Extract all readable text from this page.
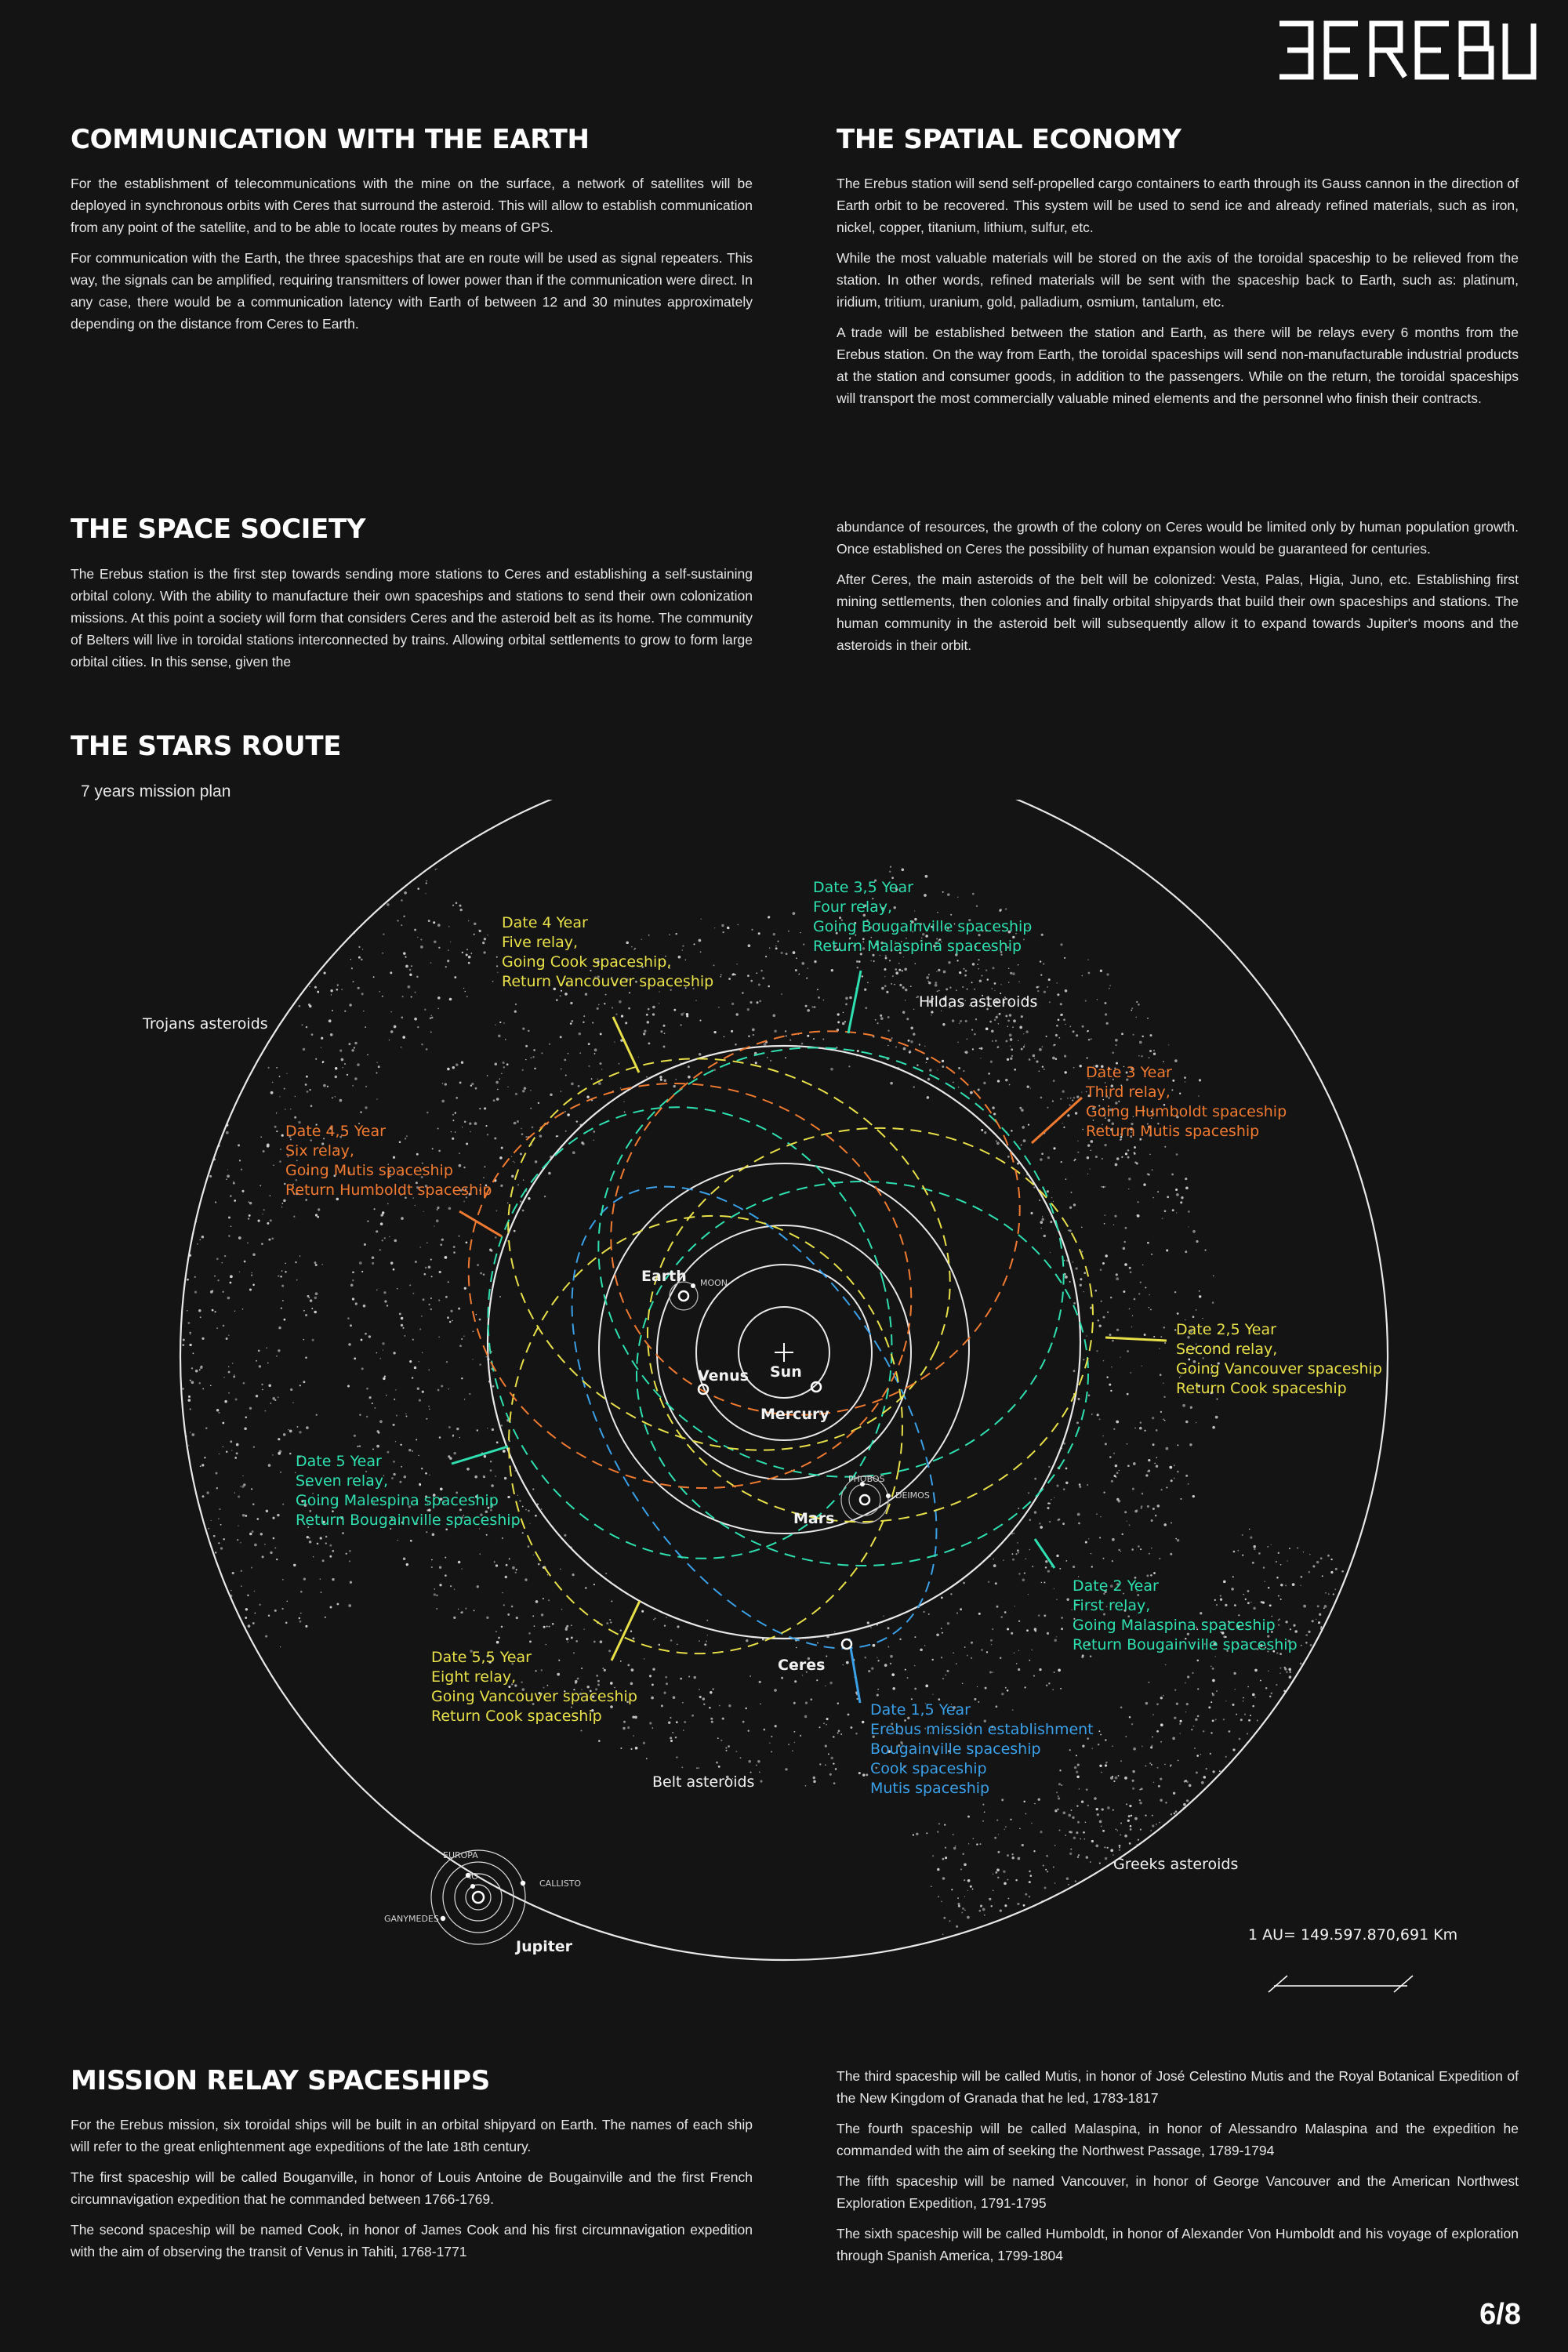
COMMUNICATION WITH THE EARTH

For the establishment of telecommunications with the mine on the surface, a network of satellites will be deployed in synchronous orbits with Ceres that surround the asteroid. This will allow to establish communication from any point of the satellite, and to be able to locate routes by means of GPS.

For communication with the Earth, the three spaceships that are en route will be used as signal repeaters. This way, the signals can be amplified, requiring transmitters of lower power than if the communication were direct. In any case, there would be a communication latency with Earth of between 12 and 30 minutes approximately depending on the distance from Ceres to Earth.

THE SPATIAL ECONOMY

The Erebus station will send self-propelled cargo containers to earth through its Gauss cannon in the direction of Earth orbit to be recovered. This system will be used to send ice and already refined materials, such as iron, nickel, copper, titanium, lithium, sulfur, etc.

While the most valuable materials will be stored on the axis of the toroidal spaceship to be relieved from the station. In other words, refined materials will be sent with the spaceship back to Earth, such as: platinum, iridium, tritium, uranium, gold, palladium, osmium, tantalum, etc.

A trade will be established between the station and Earth, as there will be relays every 6 months from the Erebus station. On the way from Earth, the toroidal spaceships will send non-manufacturable industrial products at the station and consumer goods, in addition to the passengers. While on the return, the toroidal spaceships will transport the most commercially valuable mined elements and the personnel who finish their contracts.

THE SPACE SOCIETY

The Erebus station is the first step towards sending more stations to Ceres and establishing a self-sustaining orbital colony. With the ability to manufacture their own spaceships and stations to send their own colonization missions. At this point a society will form that considers Ceres and the asteroid belt as its home. The community of Belters will live in toroidal stations interconnected by trains. Allowing orbital settlements to grow to form large orbital cities. In this sense, given the

abundance of resources, the growth of the colony on Ceres would be limited only by human population growth. Once established on Ceres the possibility of human expansion would be guaranteed for centuries.

After Ceres, the main asteroids of the belt will be colonized: Vesta, Palas, Higia, Juno, etc. Establishing first mining settlements, then colonies and finally orbital shipyards that build their own spaceships and stations. The human community in the asteroid belt will subsequently allow it to expand towards Jupiter's moons and the asteroids in their orbit.

THE STARS ROUTE
7 years mission plan
Sun
Mercury
Venus
Earth MOON
Mars
PHOBOS
DEIMOS
Ceres
EUROPA
IO
CALLISTO
GANYMEDES
Jupiter
Trojans asteroids
Hildas asteroids
Belt asteroids
Greeks asteroids
1 AU= 149.597.870,691 Km
Date 1,5 Year Erebus mission establishment Bougainville spaceship Cook spaceship Mutis spaceship
Date 2 Year First relay, Going Malaspina spaceship Return Bougainville spaceship
Date 2,5 Year Second relay, Going Vancouver spaceship Return Cook spaceship
Date 3 Year Third relay, Going Humboldt spaceship Return Mutis spaceship
Date 3,5 Year Four relay, Going Bougainville spaceship Return Malaspina spaceship
Date 4 Year Five relay, Going Cook spaceship, Return Vancouver spaceship
Date 4,5 Year Six relay, Going Mutis spaceship Return Humboldt spaceship
Date 5 Year Seven relay, Going Malespina spaceship Return Bougainville spaceship
Date 5,5 Year Eight relay, Going Vancouver spaceship Return Cook spaceship
MISSION RELAY SPACESHIPS

For the Erebus mission, six toroidal ships will be built in an orbital shipyard on Earth. The names of each ship will refer to the great enlightenment age expeditions of the late 18th century.

The first spaceship will be called Bouganville, in honor of Louis Antoine de Bougainville and the first French circumnavigation expedition that he commanded between 1766-1769.

The second spaceship will be named Cook, in honor of James Cook and his first circumnavigation expedition with the aim of observing the transit of Venus in Tahiti, 1768-1771

The third spaceship will be called Mutis, in honor of José Celestino Mutis and the Royal Botanical Expedition of the New Kingdom of Granada that he led, 1783-1817

The fourth spaceship will be called Malaspina, in honor of Alessandro Malaspina and the expedition he commanded with the aim of seeking the Northwest Passage, 1789-1794

The fifth spaceship will be named Vancouver, in honor of George Vancouver and the American Northwest Exploration Expedition, 1791-1795

The sixth spaceship will be called Humboldt, in honor of Alexander Von Humboldt and his voyage of exploration through Spanish America, 1799-1804

6/8
